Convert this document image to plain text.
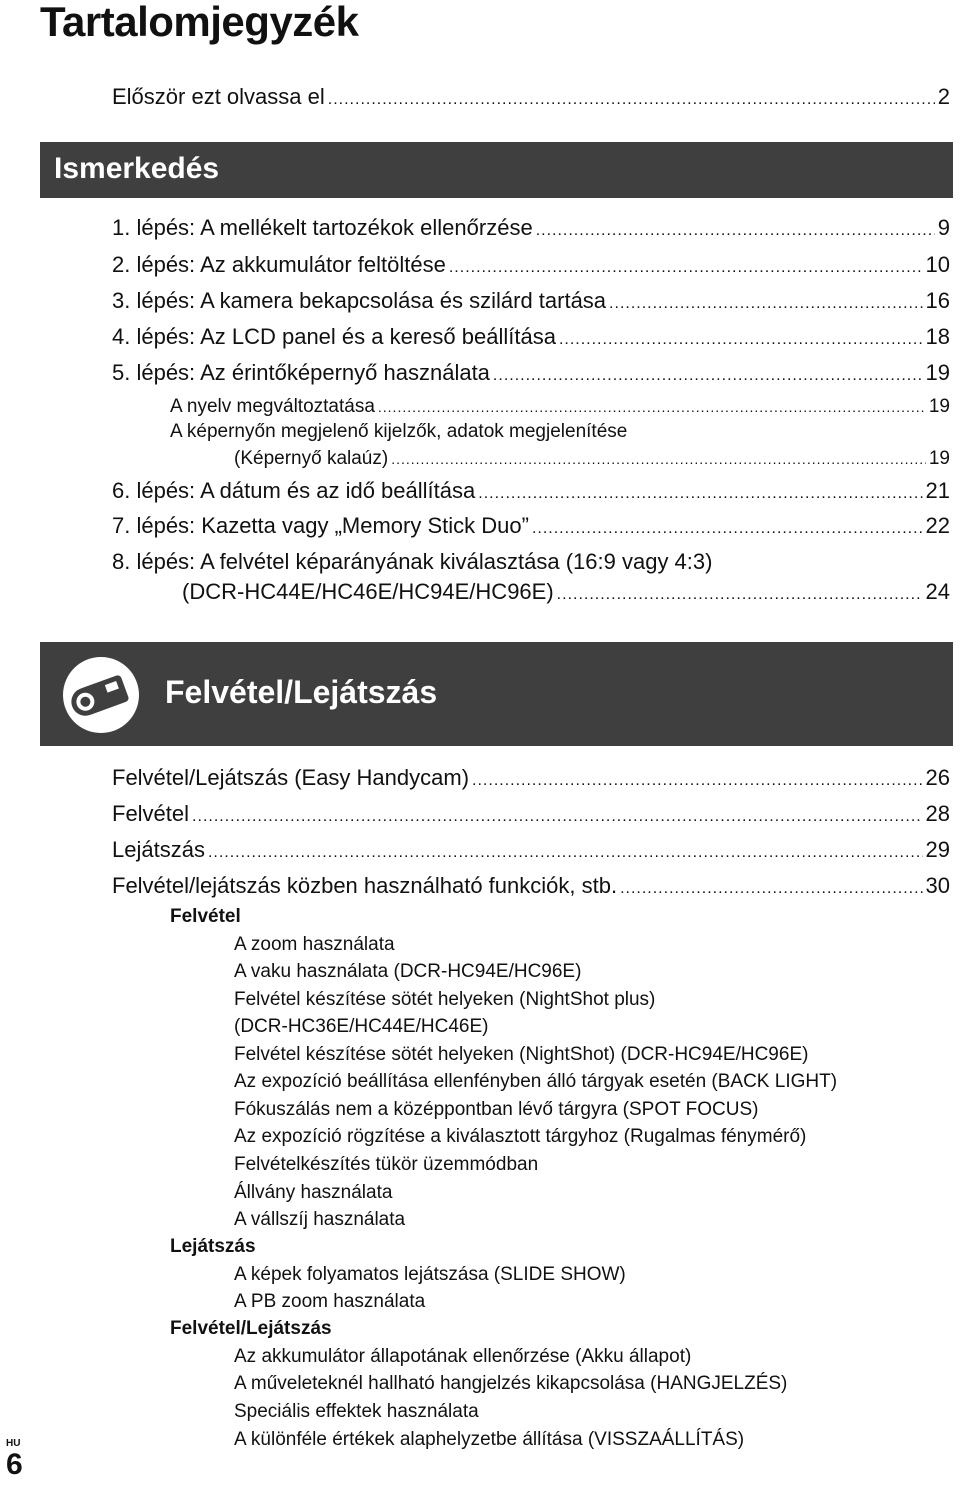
Tartalomjegyzék
Először ezt olvassa el .....	2
Ismerkedés
1. lépés: A mellékelt tartozékok ellenőrzése .....	9
2. lépés: Az akkumulátor feltöltése .....	10
3. lépés: A kamera bekapcsolása és szilárd tartása .....	16
4. lépés: Az LCD panel és a kereső beállítása .....	18
5. lépés: Az érintőképernyő használata .....	19
A nyelv megváltoztatása .....	19
A képernyőn megjelenő kijelzők, adatok megjelenítése
(Képernyő kalaúz) .....	19
6. lépés: A dátum és az idő beállítása .....	21
7. lépés: Kazetta vagy „Memory Stick Duo” .....	22
8. lépés: A felvétel képarányának kiválasztása (16:9 vagy 4:3)
(DCR-HC44E/HC46E/HC94E/HC96E) .....	24
Felvétel/Lejátszás
Felvétel/Lejátszás (Easy Handycam) .....	26
Felvétel .....	28
Lejátszás .....	29
Felvétel/lejátszás közben használható funkciók, stb. .....	30
Felvétel
A zoom használata
A vaku használata (DCR-HC94E/HC96E)
Felvétel készítése sötét helyeken (NightShot plus)
(DCR-HC36E/HC44E/HC46E)
Felvétel készítése sötét helyeken (NightShot) (DCR-HC94E/HC96E)
Az expozíció beállítása ellenfényben álló tárgyak esetén (BACK LIGHT)
Fókuszálás nem a középpontban lévő tárgyra (SPOT FOCUS)
Az expozíció rögzítése a kiválasztott tárgyhoz (Rugalmas fénymérő)
Felvételkészítés tükör üzemmódban
Állvány használata
A vállszíj használata
Lejátszás
A képek folyamatos lejátszása (SLIDE SHOW)
A PB zoom használata
Felvétel/Lejátszás
Az akkumulátor állapotának ellenőrzése (Akku állapot)
A műveleteknél hallható hangjelzés kikapcsolása (HANGJELZÉS)
Speciális effektek használata
A különféle értékek alaphelyzetbe állítása (VISSZAÁLLÍTÁS)
HU
6
